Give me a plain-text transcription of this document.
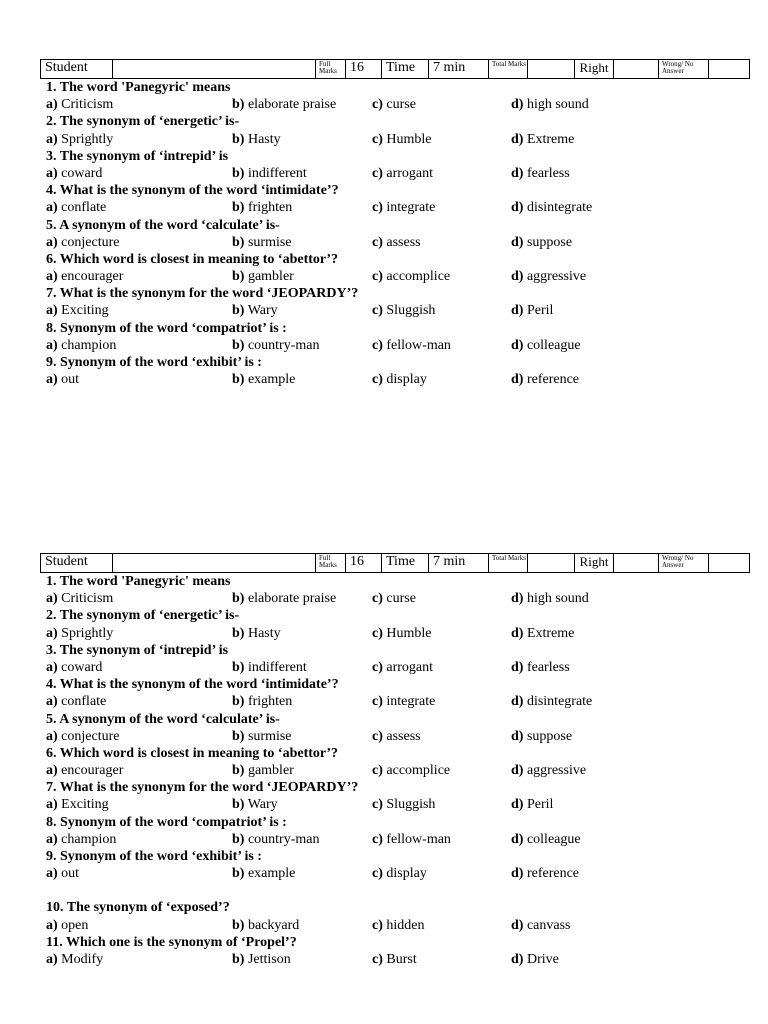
Student		Full Marks	16	Time	7 min	Total Marks		Right		Wrong/ No Answer	
1. The word 'Panegyric' means
a) Criticism	b) elaborate praise	c) curse	d) high sound
2. The synonym of ‘energetic’ is-
a) Sprightly	b) Hasty	c) Humble	d) Extreme
3. The synonym of ‘intrepid’ is
a) coward	b) indifferent	c) arrogant	d) fearless
4. What is the synonym of the word ‘intimidate’?
a) conflate	b) frighten	c) integrate	d) disintegrate
5. A synonym of the word ‘calculate’ is-
a) conjecture	b) surmise	c) assess	d) suppose
6. Which word is closest in meaning to ‘abettor’?
a) encourager	b) gambler	c) accomplice	d) aggressive
7. What is the synonym for the word ‘JEOPARDY’?
a) Exciting	b) Wary	c) Sluggish	d) Peril
8. Synonym of the word ‘compatriot’ is :
a) champion	b) country-man	c) fellow-man	d) colleague
9. Synonym of the word ‘exhibit’ is :
a) out	b) example	c) display	d) reference
Student		Full Marks	16	Time	7 min	Total Marks		Right		Wrong/ No Answer	
1. The word 'Panegyric' means
a) Criticism	b) elaborate praise	c) curse	d) high sound
2. The synonym of ‘energetic’ is-
a) Sprightly	b) Hasty	c) Humble	d) Extreme
3. The synonym of ‘intrepid’ is
a) coward	b) indifferent	c) arrogant	d) fearless
4. What is the synonym of the word ‘intimidate’?
a) conflate	b) frighten	c) integrate	d) disintegrate
5. A synonym of the word ‘calculate’ is-
a) conjecture	b) surmise	c) assess	d) suppose
6. Which word is closest in meaning to ‘abettor’?
a) encourager	b) gambler	c) accomplice	d) aggressive
7. What is the synonym for the word ‘JEOPARDY’?
a) Exciting	b) Wary	c) Sluggish	d) Peril
8. Synonym of the word ‘compatriot’ is :
a) champion	b) country-man	c) fellow-man	d) colleague
9. Synonym of the word ‘exhibit’ is :
a) out	b) example	c) display	d) reference
10. The synonym of ‘exposed’?
a) open	b) backyard	c) hidden	d) canvass
11. Which one is the synonym of ‘Propel’?
a) Modify	b) Jettison	c) Burst	d) Drive
